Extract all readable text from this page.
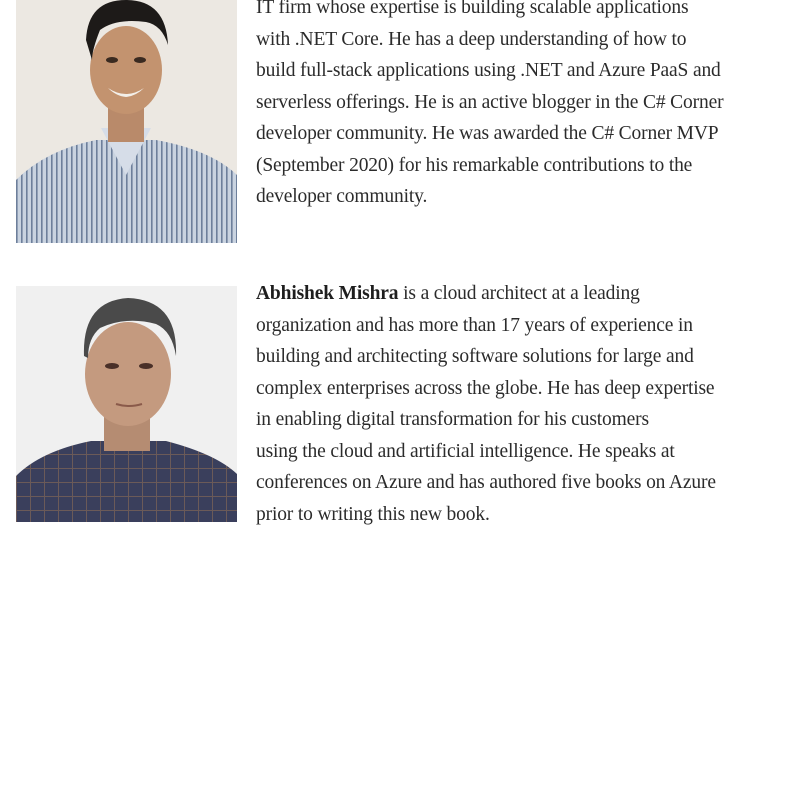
IT firm whose expertise is building scalable applications
with .NET Core. He has a deep understanding of how to
build full-stack applications using .NET and Azure PaaS and
serverless offerings. He is an active blogger in the C# Corner
developer community. He was awarded the C# Corner MVP
(September 2020) for his remarkable contributions to the
developer community.
Abhishek Mishra is a cloud architect at a leading
organization and has more than 17 years of experience in
building and architecting software solutions for large and
complex enterprises across the globe. He has deep expertise
in enabling digital transformation for his customers
using the cloud and artificial intelligence. He speaks at
conferences on Azure and has authored five books on Azure
prior to writing this new book.
